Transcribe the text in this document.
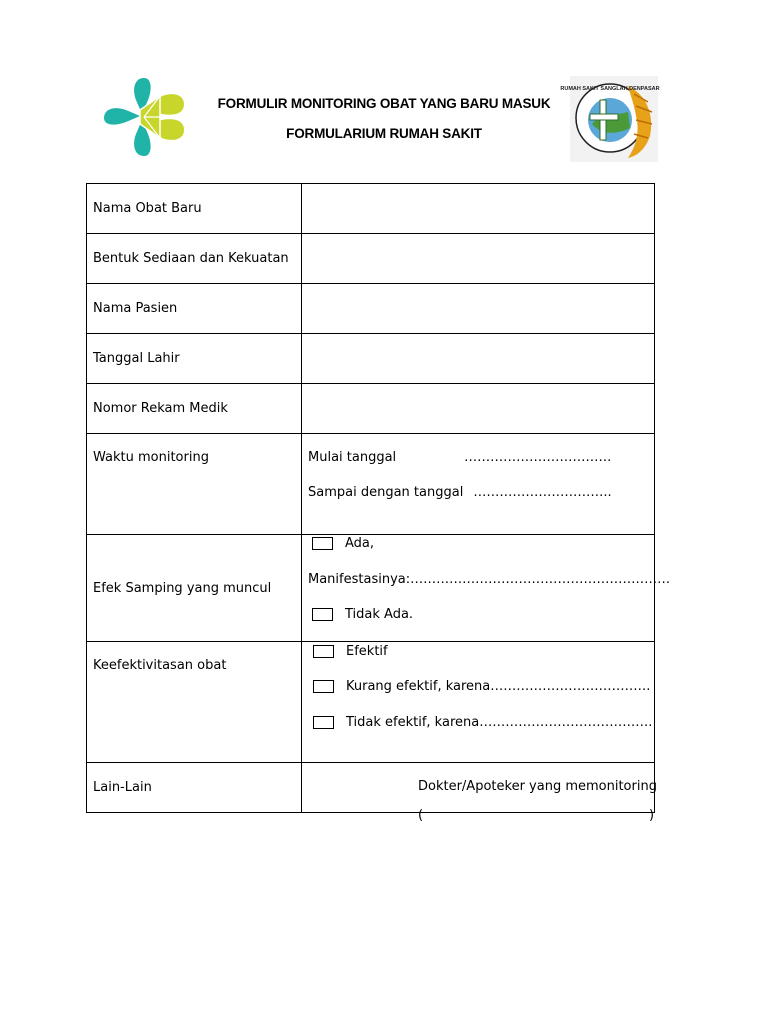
FORMULIR MONITORING OBAT YANG BARU MASUK
FORMULARIUM RUMAH SAKIT
RUMAH SAKIT SANGLAH DENPASAR
Nama Obat Baru	
Bentuk Sediaan dan Kekuatan	
Nama Pasien	
Tanggal Lahir	
Nomor Rekam Medik	
Waktu monitoring	Mulai tanggal …………………………….
Sampai dengan tanggal …………………………..

Efek Samping yang muncul	Ada,
Manifestasinya:……………………………………………………
Tidak Ada.

Keefektivitasan obat	Efektif
Kurang efektif, karena……………………………….
Tidak efektif, karena………………………………….

Lain-Lain		Dokter/Apoteker yang memonitoring
(	)
